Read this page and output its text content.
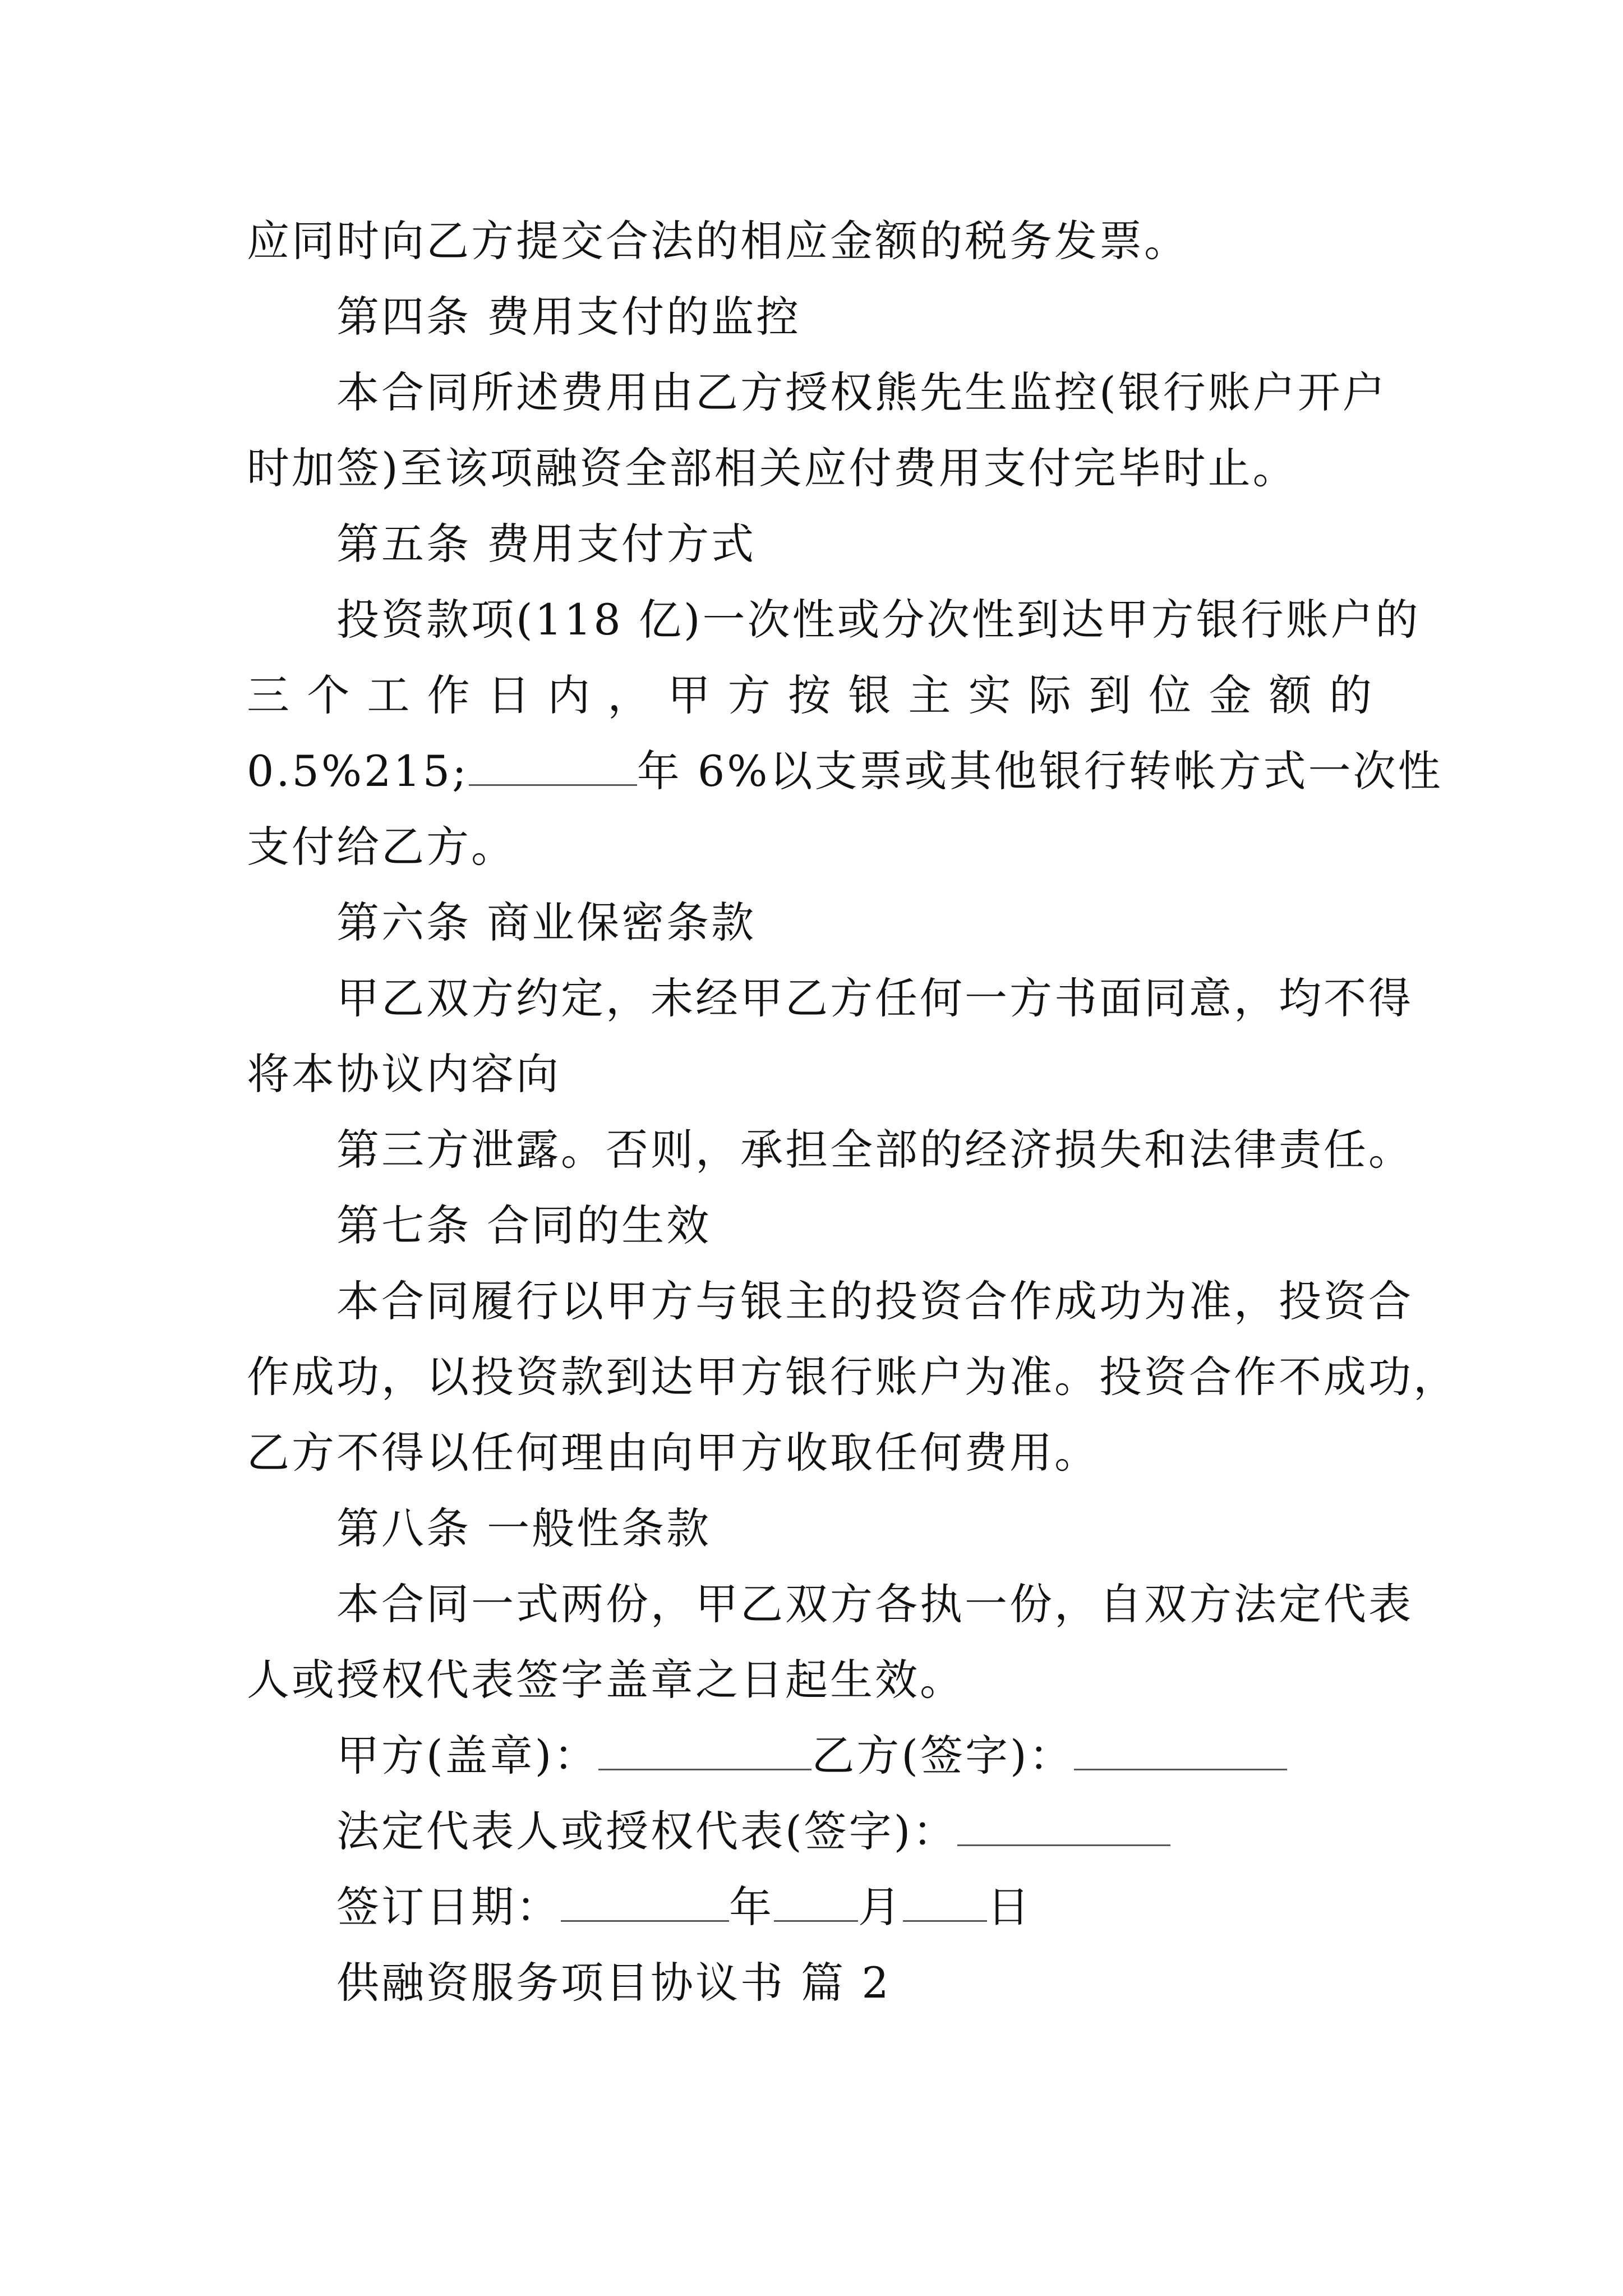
应同时向乙方提交合法的相应金额的税务发票。
第四条 费用支付的监控
本合同所述费用由乙方授权熊先生监控(银行账户开户
时加签)至该项融资全部相关应付费用支付完毕时止。
第五条 费用支付方式
投资款项(118 亿)一次性或分次性到达甲方银行账户的
三 个 工 作 日 内 ， 甲 方 按 银 主 实 际 到 位 金 额 的
0.5%215;	年 6%以支票或其他银行转帐方式一次性
支付给乙方。
第六条 商业保密条款
甲乙双方约定，未经甲乙方任何一方书面同意，均不得
将本协议内容向
第三方泄露。否则，承担全部的经济损失和法律责任。
第七条 合同的生效
本合同履行以甲方与银主的投资合作成功为准，投资合
作成功，以投资款到达甲方银行账户为准。投资合作不成功，
乙方不得以任何理由向甲方收取任何费用。
第八条 一般性条款
本合同一式两份，甲乙双方各执一份，自双方法定代表
人或授权代表签字盖章之日起生效。
甲方(盖章)：	乙方(签字)：
法定代表人或授权代表(签字)：
签订日期：	年 月 日
供融资服务项目协议书 篇 2
